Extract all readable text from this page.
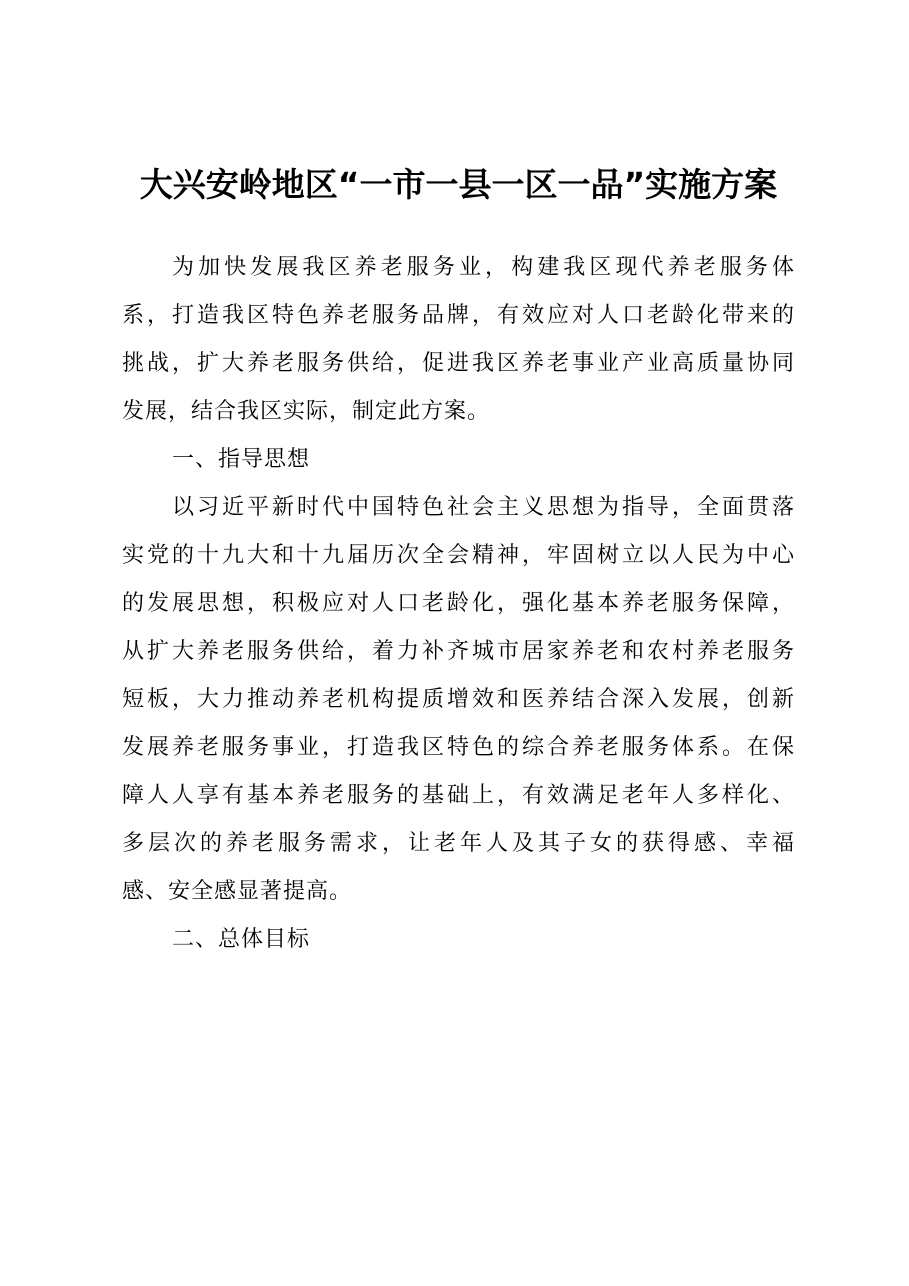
大兴安岭地区“一市一县一区一品”实施方案
为加快发展我区养老服务业，构建我区现代养老服务体
系，打造我区特色养老服务品牌，有效应对人口老龄化带来的
挑战，扩大养老服务供给，促进我区养老事业产业高质量协同
发展，结合我区实际，制定此方案。
一、指导思想
以习近平新时代中国特色社会主义思想为指导，全面贯落
实党的十九大和十九届历次全会精神，牢固树立以人民为中心
的发展思想，积极应对人口老龄化，强化基本养老服务保障，
从扩大养老服务供给，着力补齐城市居家养老和农村养老服务
短板，大力推动养老机构提质增效和医养结合深入发展，创新
发展养老服务事业，打造我区特色的综合养老服务体系。在保
障人人享有基本养老服务的基础上，有效满足老年人多样化、
多层次的养老服务需求，让老年人及其子女的获得感、幸福
感、安全感显著提高。
二、总体目标
